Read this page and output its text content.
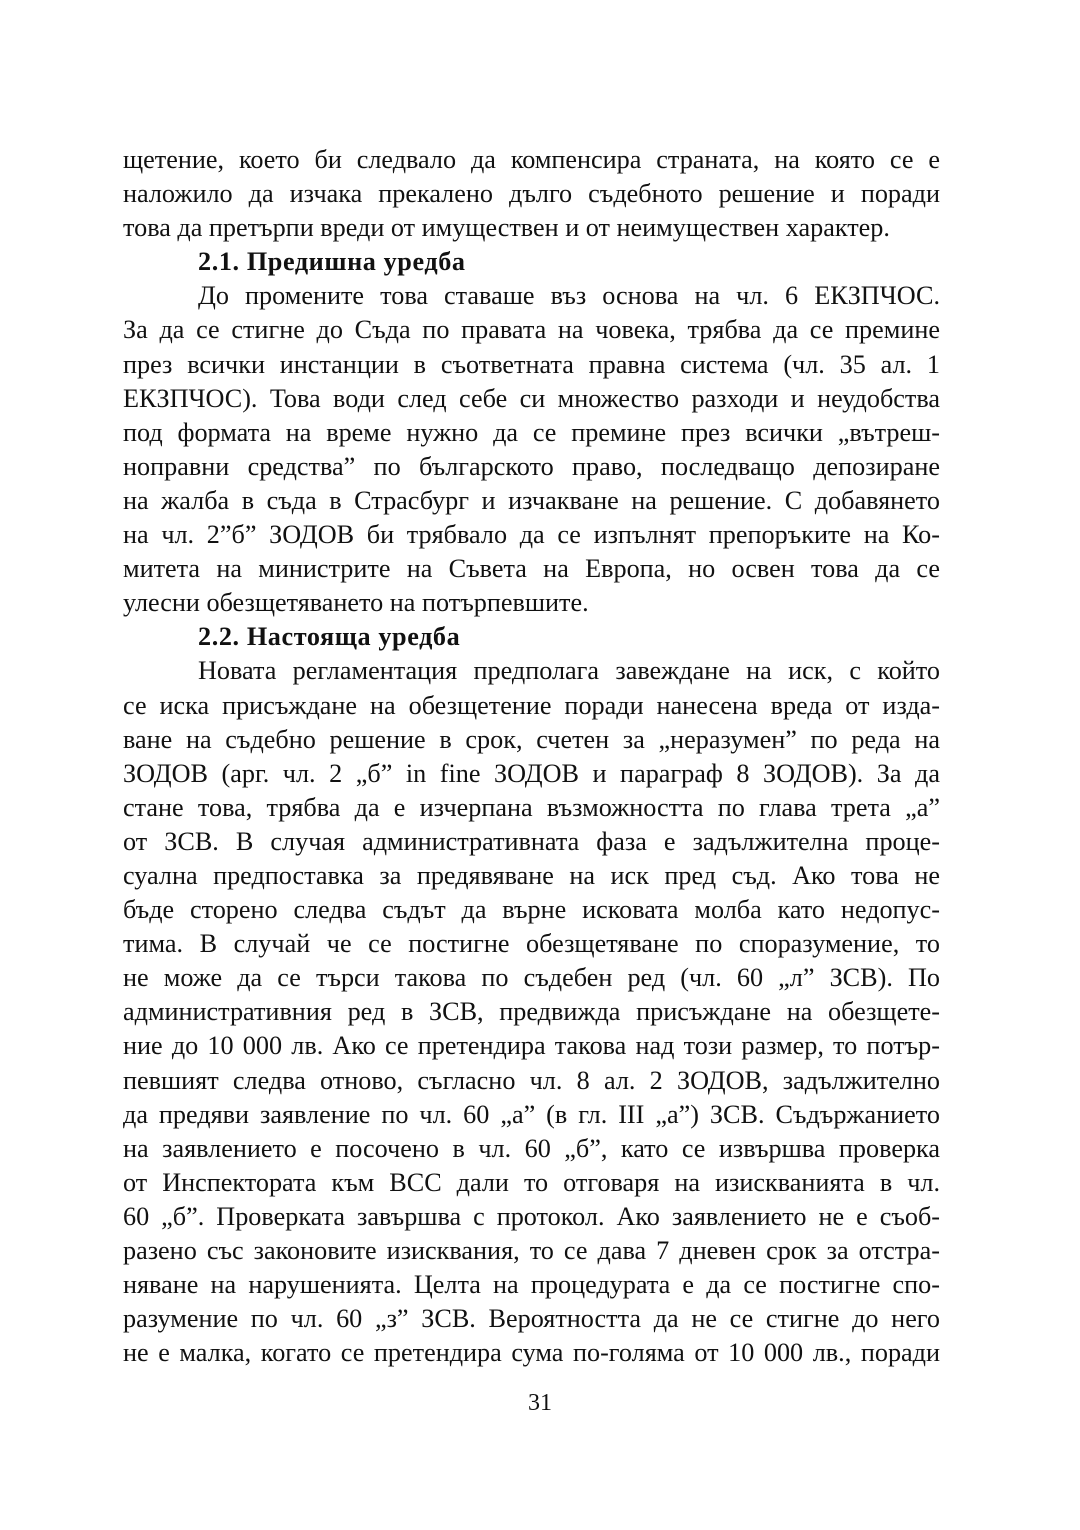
щетение, което би следвало да компенсира страната, на която се е
наложило да изчака прекалено дълго съдебното решение и поради
това да претърпи вреди от имуществен и от неимуществен характер.
2.1. Предишна уредба
До промените това ставаше въз основа на чл. 6 ЕКЗПЧОС.
За да се стигне до Съда по правата на човека, трябва да се премине
през всички инстанции в съответната правна система (чл. 35 ал. 1
ЕКЗПЧОС). Това води след себе си множество разходи и неудобства
под формата на време нужно да се премине през всички „вътреш-
ноправни средства” по българското право, последващо депозиране
на жалба в съда в Страсбург и изчакване на решение. С добавянето
на чл. 2”б” ЗОДОВ би трябвало да се изпълнят препоръките на Ко-
митета на министрите на Съвета на Европа, но освен това да се
улесни обезщетяването на потърпевшите.
2.2. Настояща уредба
Новата регламентация предполага завеждане на иск, с който
се иска присъждане на обезщетение поради нанесена вреда от изда-
ване на съдебно решение в срок, счетен за „неразумен” по реда на
ЗОДОВ (арг. чл. 2 „б” in fine ЗОДОВ и параграф 8 ЗОДОВ). За да
стане това, трябва да е изчерпана възможността по глава трета „а”
от ЗСВ. В случая административната фаза е задължителна проце-
суална предпоставка за предявяване на иск пред съд. Ако това не
бъде сторено следва съдът да върне исковата молба като недопус-
тима. В случай че се постигне обезщетяване по споразумение, то
не може да се търси такова по съдебен ред (чл. 60 „л” ЗСВ). По
административния ред в ЗСВ, предвижда присъждане на обезщете-
ние до 10 000 лв. Ако се претендира такова над този размер, то потър-
певшият следва отново, съгласно чл. 8 ал. 2 ЗОДОВ, задължително
да предяви заявление по чл. 60 „а” (в гл. III „а”) ЗСВ. Съдържанието
на заявлението е посочено в чл. 60 „б”, като се извършва проверка
от Инспектората към ВСС дали то отговаря на изискванията в чл.
60 „б”. Проверката завършва с протокол. Ако заявлението не е съоб-
разено със законовите изисквания, то се дава 7 дневен срок за отстра-
няване на нарушенията. Целта на процедурата е да се постигне спо-
разумение по чл. 60 „з” ЗСВ. Вероятността да не се стигне до него
не е малка, когато се претендира сума по-голяма от 10 000 лв., поради
31
